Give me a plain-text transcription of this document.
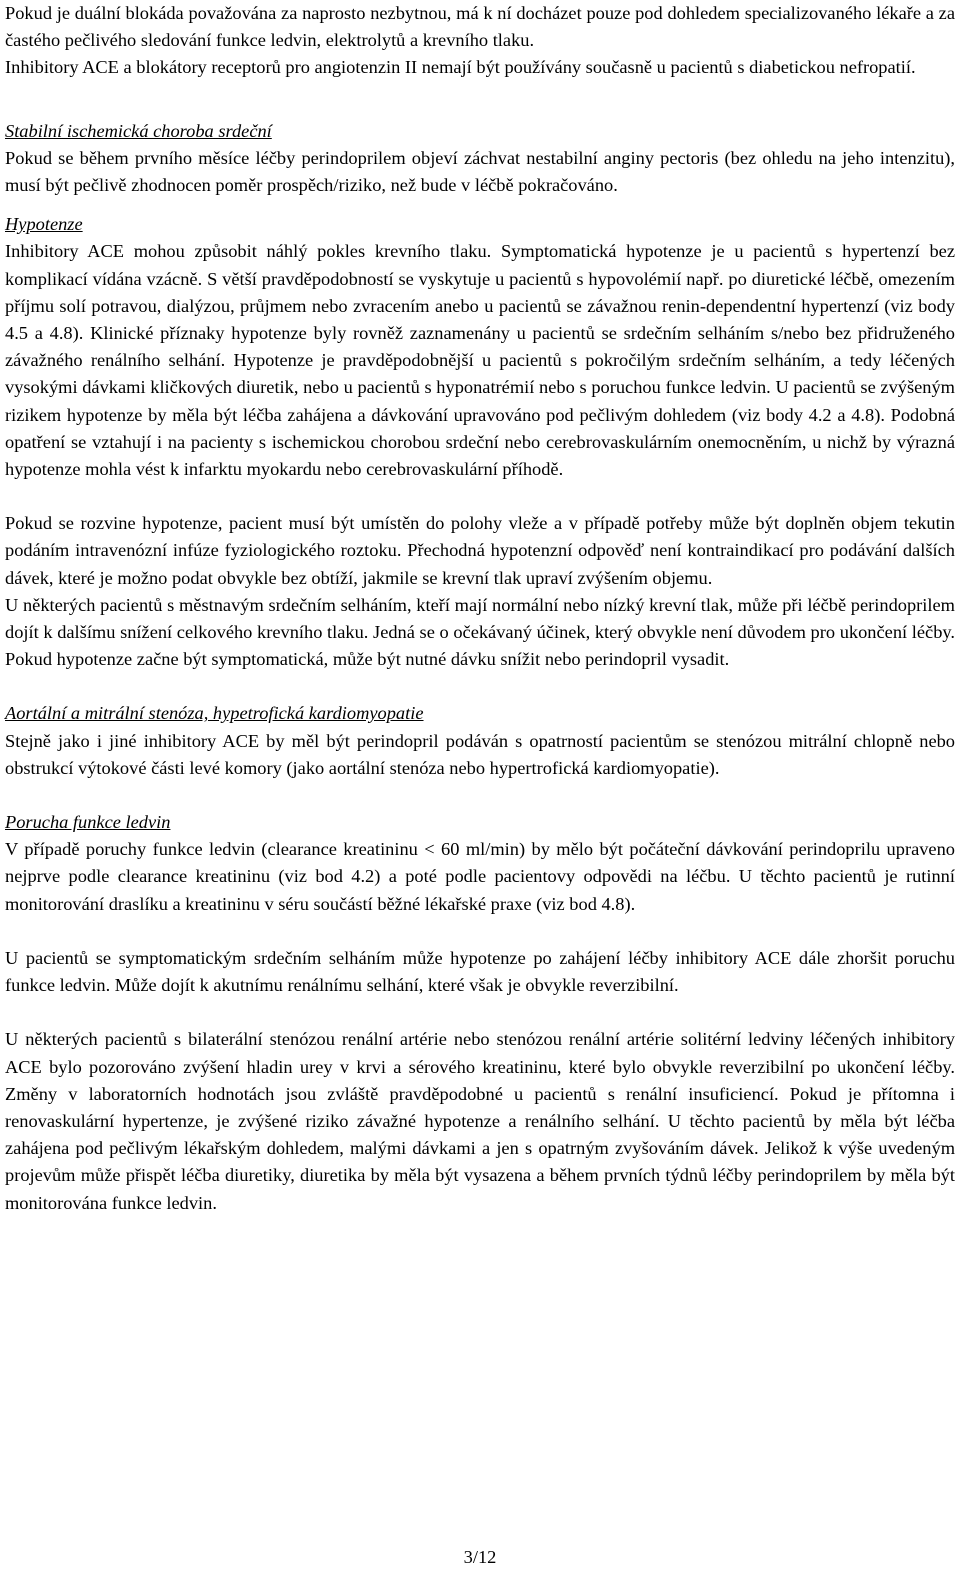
Pokud je duální blokáda považována za naprosto nezbytnou, má k ní docházet pouze pod dohledem specializovaného lékaře a za častého pečlivého sledování funkce ledvin, elektrolytů a krevního tlaku.

Inhibitory ACE a blokátory receptorů pro angiotenzin II nemají být používány současně u pacientů s diabetickou nefropatií.

Stabilní ischemická choroba srdeční

Pokud se během prvního měsíce léčby perindoprilem objeví záchvat nestabilní anginy pectoris (bez ohledu na jeho intenzitu), musí být pečlivě zhodnocen poměr prospěch/riziko, než bude v léčbě pokračováno.

Hypotenze

Inhibitory ACE mohou způsobit náhlý pokles krevního tlaku. Symptomatická hypotenze je u pacientů s hypertenzí bez komplikací vídána vzácně. S větší pravděpodobností se vyskytuje u pacientů s hypovolémií např. po diuretické léčbě, omezením příjmu solí potravou, dialýzou, průjmem nebo zvracením anebo u pacientů se závažnou renin-dependentní hypertenzí (viz body 4.5 a 4.8). Klinické příznaky hypotenze byly rovněž zaznamenány u pacientů se srdečním selháním s/nebo bez přidruženého závažného renálního selhání. Hypotenze je pravděpodobnější u pacientů s pokročilým srdečním selháním, a tedy léčených vysokými dávkami kličkových diuretik, nebo u pacientů s hyponatrémií nebo s poruchou funkce ledvin. U pacientů se zvýšeným rizikem hypotenze by měla být léčba zahájena a dávkování upravováno pod pečlivým dohledem (viz body 4.2 a 4.8). Podobná opatření se vztahují i na pacienty s ischemickou chorobou srdeční nebo cerebrovaskulárním onemocněním, u nichž by výrazná hypotenze mohla vést k infarktu myokardu nebo cerebrovaskulární příhodě.

Pokud se rozvine hypotenze, pacient musí být umístěn do polohy vleže a v případě potřeby může být doplněn objem tekutin podáním intravenózní infúze fyziologického roztoku. Přechodná hypotenzní odpověď není kontraindikací pro podávání dalších dávek, které je možno podat obvykle bez obtíží, jakmile se krevní tlak upraví zvýšením objemu.

U některých pacientů s městnavým srdečním selháním, kteří mají normální nebo nízký krevní tlak, může při léčbě perindoprilem dojít k dalšímu snížení celkového krevního tlaku. Jedná se o očekávaný účinek, který obvykle není důvodem pro ukončení léčby. Pokud hypotenze začne být symptomatická, může být nutné dávku snížit nebo perindopril vysadit.

Aortální a mitrální stenóza, hypetrofická kardiomyopatie

Stejně jako i jiné inhibitory ACE by měl být perindopril podáván s opatrností pacientům se stenózou mitrální chlopně nebo obstrukcí výtokové části levé komory (jako aortální stenóza nebo hypertrofická kardiomyopatie).

Porucha funkce ledvin

V případě poruchy funkce ledvin (clearance kreatininu < 60 ml/min) by mělo být počáteční dávkování perindoprilu upraveno nejprve podle clearance kreatininu (viz bod 4.2) a poté podle pacientovy odpovědi na léčbu. U těchto pacientů je rutinní monitorování draslíku a kreatininu v séru součástí běžné lékařské praxe (viz bod 4.8).

U pacientů se symptomatickým srdečním selháním může hypotenze po zahájení léčby inhibitory ACE dále zhoršit poruchu funkce ledvin. Může dojít k akutnímu renálnímu selhání, které však je obvykle reverzibilní.

U některých pacientů s bilaterální stenózou renální artérie nebo stenózou renální artérie solitérní ledviny léčených inhibitory ACE bylo pozorováno zvýšení hladin urey v krvi a sérového kreatininu, které bylo obvykle reverzibilní po ukončení léčby. Změny v laboratorních hodnotách jsou zvláště pravděpodobné u pacientů s renální insuficiencí. Pokud je přítomna i renovaskulární hypertenze, je zvýšené riziko závažné hypotenze a renálního selhání. U těchto pacientů by měla být léčba zahájena pod pečlivým lékařským dohledem, malými dávkami a jen s opatrným zvyšováním dávek. Jelikož k výše uvedeným projevům může přispět léčba diuretiky, diuretika by měla být vysazena a během prvních týdnů léčby perindoprilem by měla být monitorována funkce ledvin.

3/12
